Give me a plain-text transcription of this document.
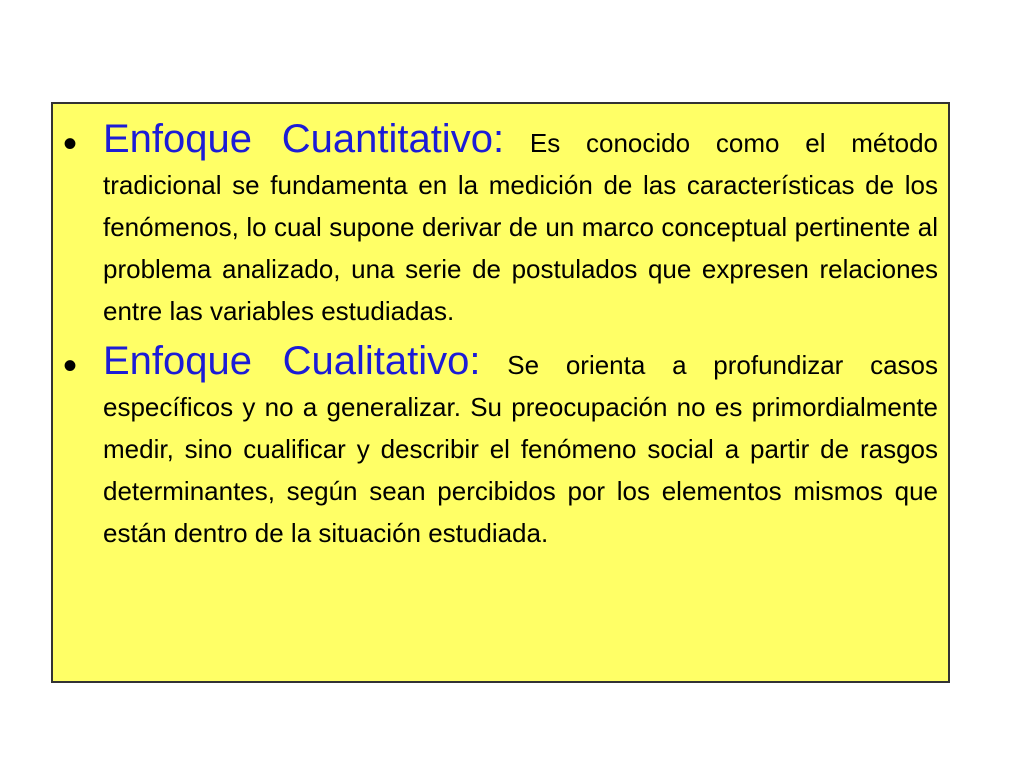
• Enfoque Cuantitativo: Es conocido como el método tradicional se fundamenta en la medición de las características de los fenómenos, lo cual supone derivar de un marco conceptual pertinente al problema analizado, una serie de postulados que expresen relaciones entre las variables estudiadas.

• Enfoque Cualitativo: Se orienta a profundizar casos específicos y no a generalizar. Su preocupación no es primordialmente medir, sino cualificar y describir el fenómeno social a partir de rasgos determinantes, según sean percibidos por los elementos mismos que están dentro de la situación estudiada.
